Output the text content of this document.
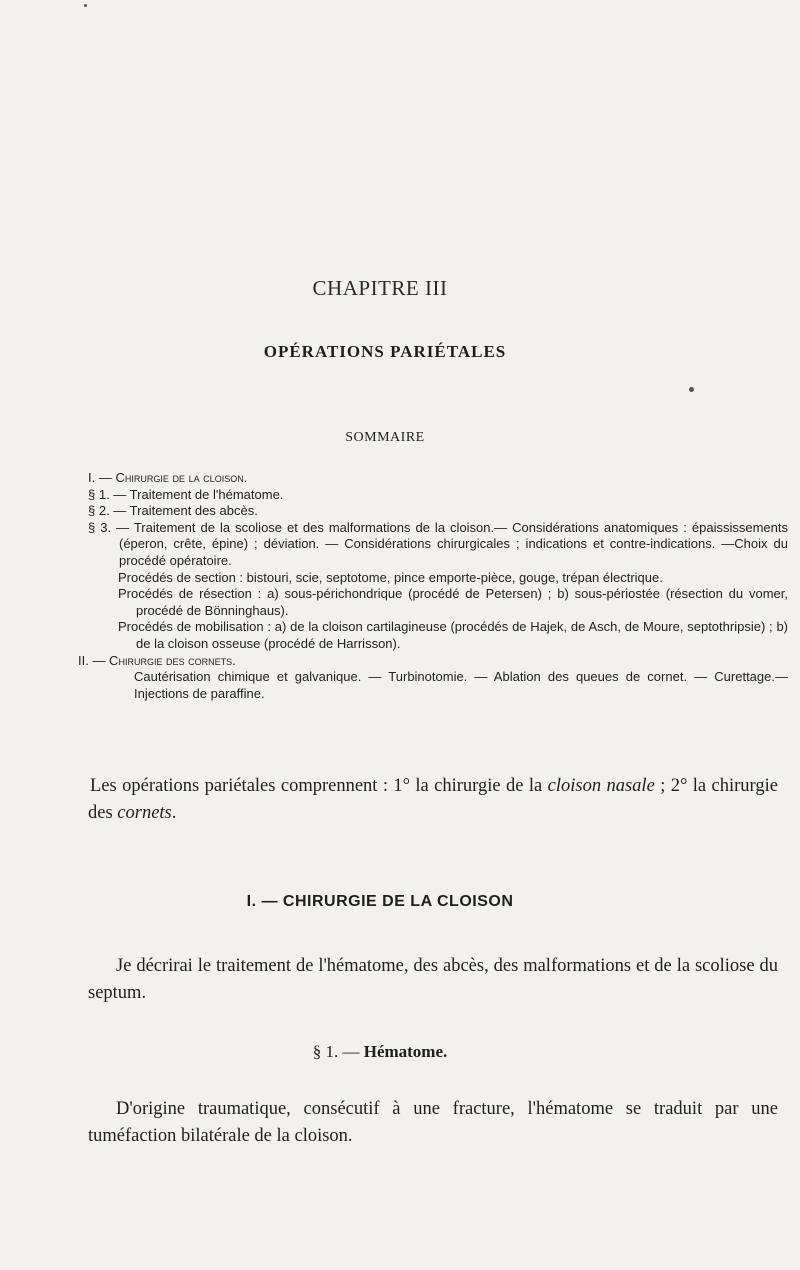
CHAPITRE III
OPÉRATIONS PARIÉTALES
SOMMAIRE
I. — Chirurgie de la cloison.
§ 1. — Traitement de l'hématome.
§ 2. — Traitement des abcès.
§ 3. — Traitement de la scoliose et des malformations de la cloison.— Considérations anatomiques : épaississements (éperon, crête, épine) ; déviation. — Considérations chirurgicales ; indications et contre-indications. —Choix du procédé opératoire.
Procédés de section : bistouri, scie, septotome, pince emporte-pièce, gouge, trépan électrique.
Procédés de résection : a) sous-périchondrique (procédé de Petersen) ; b) sous-périostée (résection du vomer, procédé de Bönninghaus).
Procédés de mobilisation : a) de la cloison cartilagineuse (procédés de Hajek, de Asch, de Moure, septothripsie) ; b) de la cloison osseuse (procédé de Harrisson).
II. — Chirurgie des cornets.
Cautérisation chimique et galvanique. — Turbinotomie. — Ablation des queues de cornet. — Curettage.— Injections de paraffine.
Les opérations pariétales comprennent : 1° la chirurgie de la cloison nasale ; 2° la chirurgie des cornets.
I. — CHIRURGIE DE LA CLOISON
Je décrirai le traitement de l'hématome, des abcès, des malformations et de la scoliose du septum.
§ 1. — Hématome.
D'origine traumatique, consécutif à une fracture, l'hématome se traduit par une tuméfaction bilatérale de la cloison.
